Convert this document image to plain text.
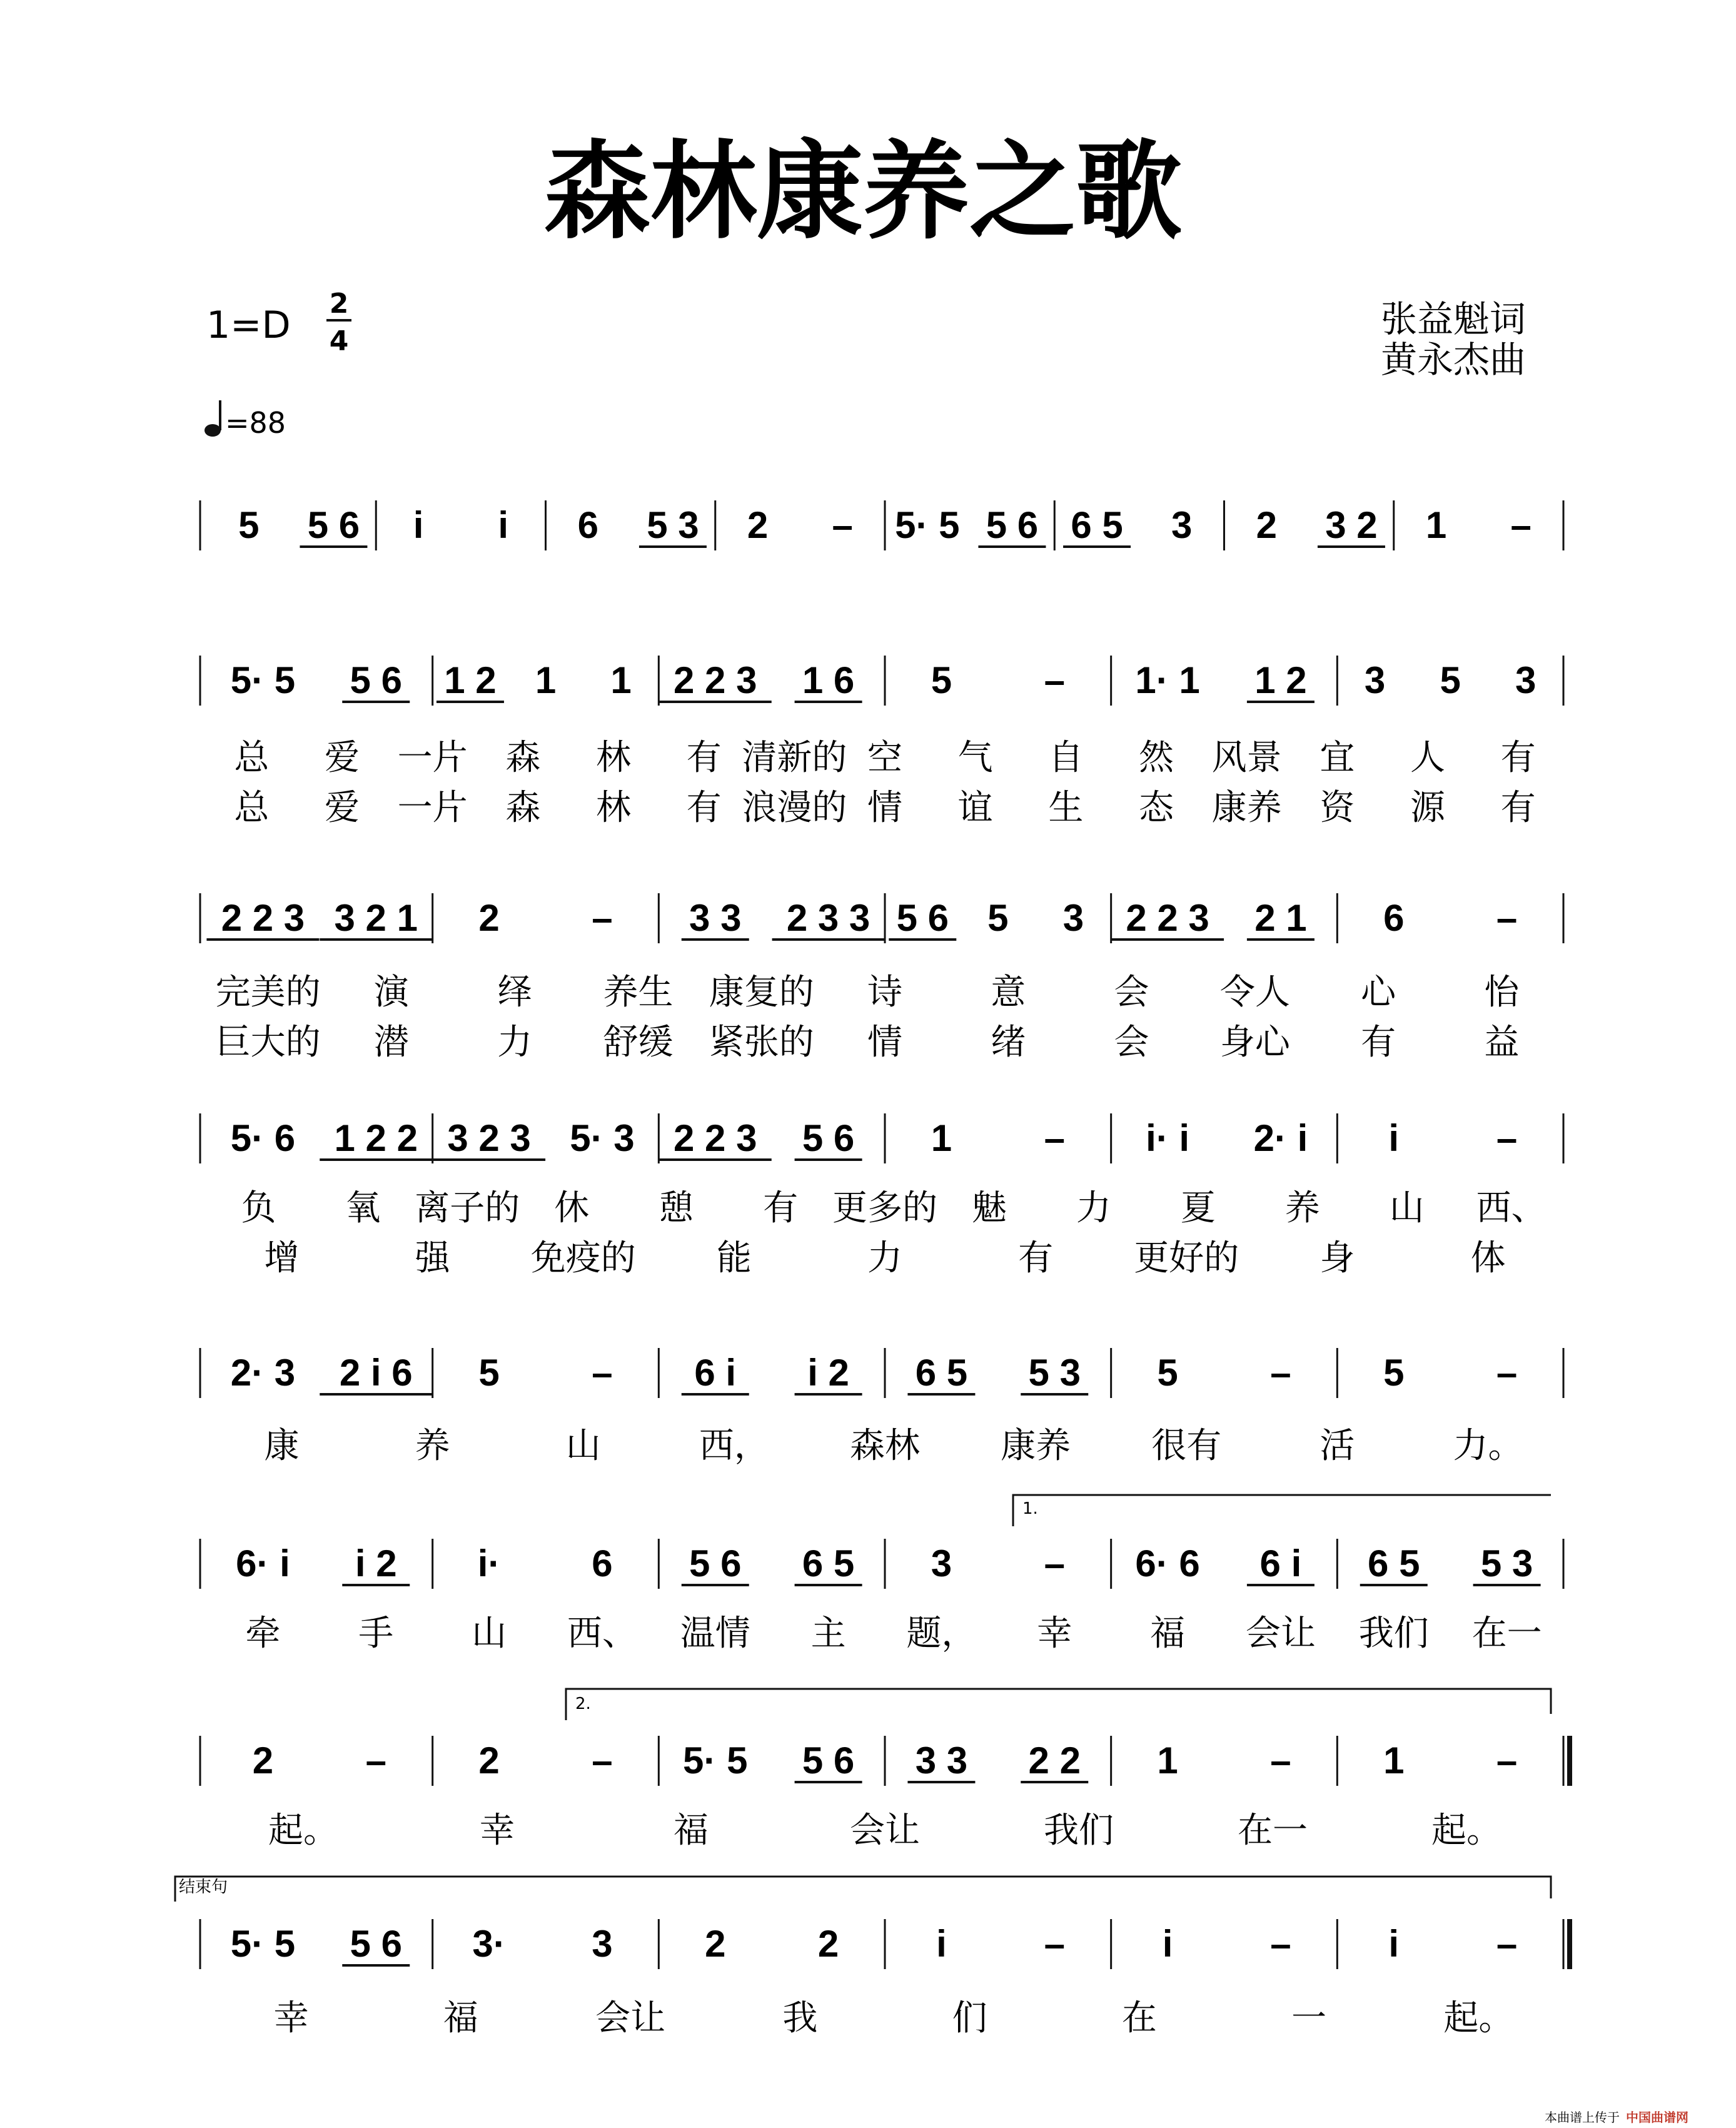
森林康养之歌
1=D 2
4
=88
张益魁词
黄永杰曲
1.
2.
结束句
5 5 6 i i 6 5 3 2 – 5· 5 5 6 6 5 3 2 3 2 1 –
5· 5 5 6 1 2 1 1 2 2 3 1 6 5 – 1· 1 1 2 3 5 3
总 爱 一片 森 林 有 清新的 空 气 自 然 风景 宜 人 有
总 爱 一片 森 林 有 浪漫的 情 谊 生 态 康养 资 源 有
2 2 3 3 2 1 2 – 3 3 2 3 3 5 6 5 3 2 2 3 2 1 6 –
完美的 演	绎 养生 康复的 诗	意	会 令人 心	怡
巨大的 潜	力 舒缓 紧张的 情	绪	会 身心 有	益
5· 6 1 2 2 3 2 3 5· 3 2 2 3 5 6 1 – i· i 2· i i	–
负 氧 离子的 休 憩 有 更多的 魅 力 夏 养 山 西、
增	强 免疫的 能	力	有 更好的 身	体
2· 3 2 i 6 5 – 6 i i 2 6 5 5 3 5 – 5 –
康	养	山	西， 森林 康养 很有	活	力。
6· i i 2 i· 6 5 6 6 5 3 – 6· 6 6 i 6 5 5 3
牵 手 山 西、 温情 主 题， 幸 福 会让 我们 在一
2 – 2 – 5· 5 5 6 3 3 2 2 1 – 1 –
起。	幸	福	会让	我们	在一	起。
5· 5 5 6 3· 3 2 2	i	–	i	–	i	–
幸	福	会让	我	们	在	一	起。
本曲谱上传于 中国曲谱网
